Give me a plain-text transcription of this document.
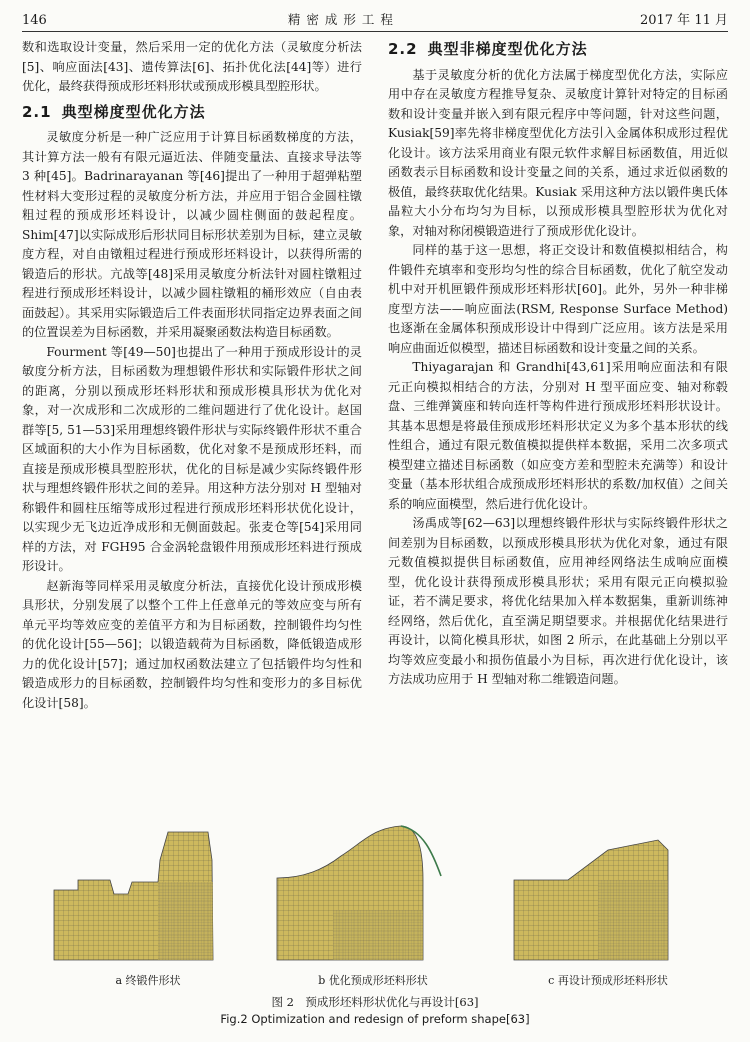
146	精密成形工程	2017 年 11 月

数和选取设计变量，然后采用一定的优化方法（灵敏度分析法[5]、响应面法[43]、遗传算法[6]、拓扑优化法[44]等）进行优化，最终获得预成形坯料形状或预成形模具型腔形状。

2.1 典型梯度型优化方法

灵敏度分析是一种广泛应用于计算目标函数梯度的方法，其计算方法一般有有限元逼近法、伴随变量法、直接求导法等 3 种[45]。Badrinarayanan 等[46]提出了一种用于超弹粘塑性材料大变形过程的灵敏度分析方法，并应用于铝合金圆柱镦粗过程的预成形坯料设计，以减少圆柱侧面的鼓起程度。Shim[47]以实际成形后形状同目标形状差别为目标，建立灵敏度方程，对自由镦粗过程进行预成形坯料设计，以获得所需的锻造后的形状。亢战等[48]采用灵敏度分析法针对圆柱镦粗过程进行预成形坯料设计，以减少圆柱镦粗的桶形效应（自由表面鼓起）。其采用实际锻造后工件表面形状同指定边界表面之间的位置误差为目标函数，并采用凝聚函数法构造目标函数。

Fourment 等[49—50]也提出了一种用于预成形设计的灵敏度分析方法，目标函数为理想锻件形状和实际锻件形状之间的距离，分别以预成形坯料形状和预成形模具形状为优化对象，对一次成形和二次成形的二维问题进行了优化设计。赵国群等[5, 51—53]采用理想终锻件形状与实际终锻件形状不重合区域面积的大小作为目标函数，优化对象不是预成形坯料，而直接是预成形模具型腔形状，优化的目标是减少实际终锻件形状与理想终锻件形状之间的差异。用这种方法分别对 H 型轴对称锻件和圆柱压缩等成形过程进行预成形坯料形状优化设计，以实现少无飞边近净成形和无侧面鼓起。张麦仓等[54]采用同样的方法，对 FGH95 合金涡轮盘锻件用预成形坯料进行预成形设计。

赵新海等同样采用灵敏度分析法，直接优化设计预成形模具形状，分别发展了以整个工件上任意单元的等效应变与所有单元平均等效应变的差值平方和为目标函数，控制锻件均匀性的优化设计[55—56]；以锻造载荷为目标函数，降低锻造成形力的优化设计[57]；通过加权函数法建立了包括锻件均匀性和锻造成形力的目标函数，控制锻件均匀性和变形力的多目标优化设计[58]。

2.2 典型非梯度型优化方法

基于灵敏度分析的优化方法属于梯度型优化方法，实际应用中存在灵敏度方程推导复杂、灵敏度计算针对特定的目标函数和设计变量并嵌入到有限元程序中等问题，针对这些问题，Kusiak[59]率先将非梯度型优化方法引入金属体积成形过程优化设计。该方法采用商业有限元软件求解目标函数值，用近似函数表示目标函数和设计变量之间的关系，通过求近似函数的极值，最终获取优化结果。Kusiak 采用这种方法以锻件奥氏体晶粒大小分布均匀为目标，以预成形模具型腔形状为优化对象，对轴对称闭模锻造进行了预成形优化设计。

同样的基于这一思想，将正交设计和数值模拟相结合，构件锻件充填率和变形均匀性的综合目标函数，优化了航空发动机中对开机匣锻件预成形坯料形状[60]。此外，另外一种非梯度型方法——响应面法(RSM, Response Surface Method)也逐渐在金属体积预成形设计中得到广泛应用。该方法是采用响应曲面近似模型，描述目标函数和设计变量之间的关系。

Thiyagarajan 和 Grandhi[43,61]采用响应面法和有限元正向模拟相结合的方法，分别对 H 型平面应变、轴对称毂盘、三维弹簧座和转向连杆等构件进行预成形坯料形状设计。其基本思想是将最佳预成形坯料形状定义为多个基本形状的线性组合，通过有限元数值模拟提供样本数据，采用二次多项式模型建立描述目标函数（如应变方差和型腔未充满等）和设计变量（基本形状组合成预成形坯料形状的系数/加权值）之间关系的响应面模型，然后进行优化设计。

汤禹成等[62—63]以理想终锻件形状与实际终锻件形状之间差别为目标函数，以预成形模具形状为优化对象，通过有限元数值模拟提供目标函数值，应用神经网络法生成响应面模型，优化设计获得预成形模具形状；采用有限元正向模拟验证，若不满足要求，将优化结果加入样本数据集，重新训练神经网络，然后优化，直至满足期望要求。并根据优化结果进行再设计，以简化模具形状，如图 2 所示，在此基础上分别以平均等效应变最小和损伤值最小为目标，再次进行优化设计，该方法成功应用于 H 型轴对称二维锻造问题。

a 终锻件形状	b 优化预成形坯料形状	c 再设计预成形坯料形状
图 2　预成形坯料形状优化与再设计[63]
Fig.2 Optimization and redesign of preform shape[63]
